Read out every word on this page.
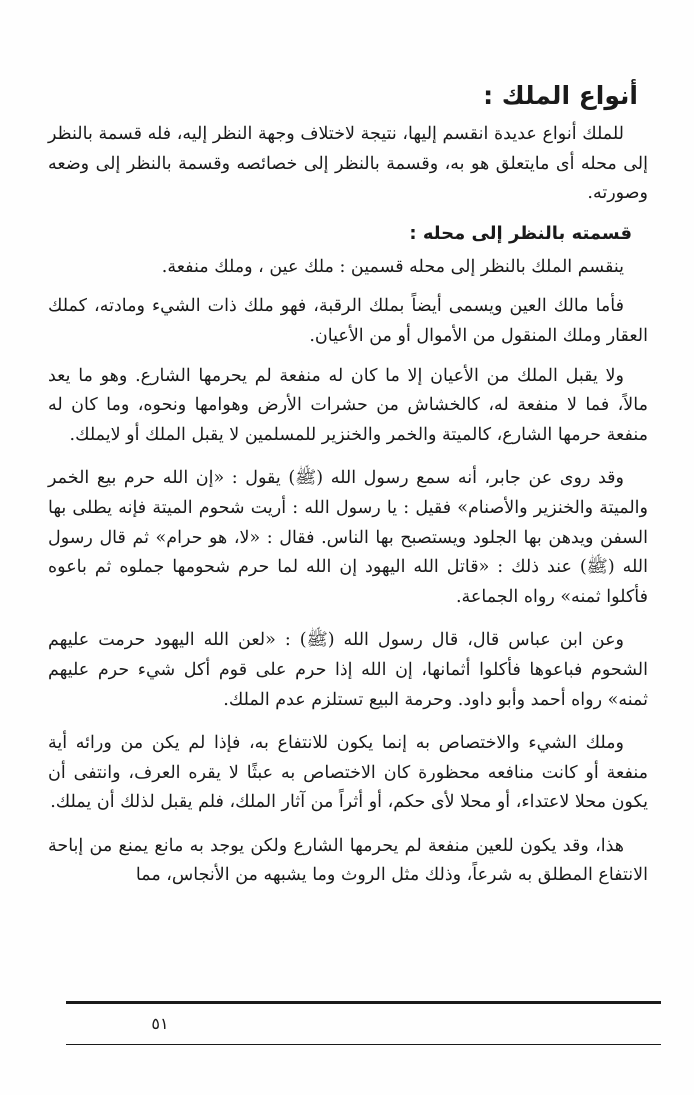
أنواع الملك :

للملك أنواع عديدة انقسم إليها، نتيجة لاختلاف وجهة النظر إليه، فله قسمة بالنظر إلى محله أى مايتعلق هو به، وقسمة بالنظر إلى خصائصه وقسمة بالنظر إلى وضعه وصورته.

قسمته بالنظر إلى محله :

ينقسم الملك بالنظر إلى محله قسمين : ملك عين ، وملك منفعة.

فأما مالك العين ويسمى أيضاً بملك الرقبة، فهو ملك ذات الشيء ومادته، كملك العقار وملك المنقول من الأموال أو من الأعيان.

ولا يقبل الملك من الأعيان إلا ما كان له منفعة لم يحرمها الشارع. وهو ما يعد مالاً، فما لا منفعة له، كالخشاش من حشرات الأرض وهوامها ونحوه، وما كان له منفعة حرمها الشارع، كالميتة والخمر والخنزير للمسلمين لا يقبل الملك أو لايملك.

وقد روى عن جابر، أنه سمع رسول الله (ﷺ) يقول : «إن الله حرم بيع الخمر والميتة والخنزير والأصنام» فقيل : يا رسول الله : أريت شحوم الميتة فإنه يطلى بها السفن ويدهن بها الجلود ويستصبح بها الناس. فقال : «لا، هو حرام» ثم قال رسول الله (ﷺ) عند ذلك : «قاتل الله اليهود إن الله لما حرم شحومها جملوه ثم باعوه فأكلوا ثمنه» رواه الجماعة.

وعن ابن عباس قال، قال رسول الله (ﷺ) : «لعن الله اليهود حرمت عليهم الشحوم فباعوها فأكلوا أثمانها، إن الله إذا حرم على قوم أكل شيء حرم عليهم ثمنه» رواه أحمد وأبو داود. وحرمة البيع تستلزم عدم الملك.

وملك الشيء والاختصاص به إنما يكون للانتفاع به، فإذا لم يكن من ورائه أية منفعة أو كانت منافعه محظورة كان الاختصاص به عبثًا لا يقره العرف، وانتفى أن يكون محلا لاعتداء، أو محلا لأى حكم، أو أثراً من آثار الملك، فلم يقبل لذلك أن يملك.

هذا، وقد يكون للعين منفعة لم يحرمها الشارع ولكن يوجد به مانع يمنع من إباحة الانتفاع المطلق به شرعاً، وذلك مثل الروث وما يشبهه من الأنجاس، مما

٥١
